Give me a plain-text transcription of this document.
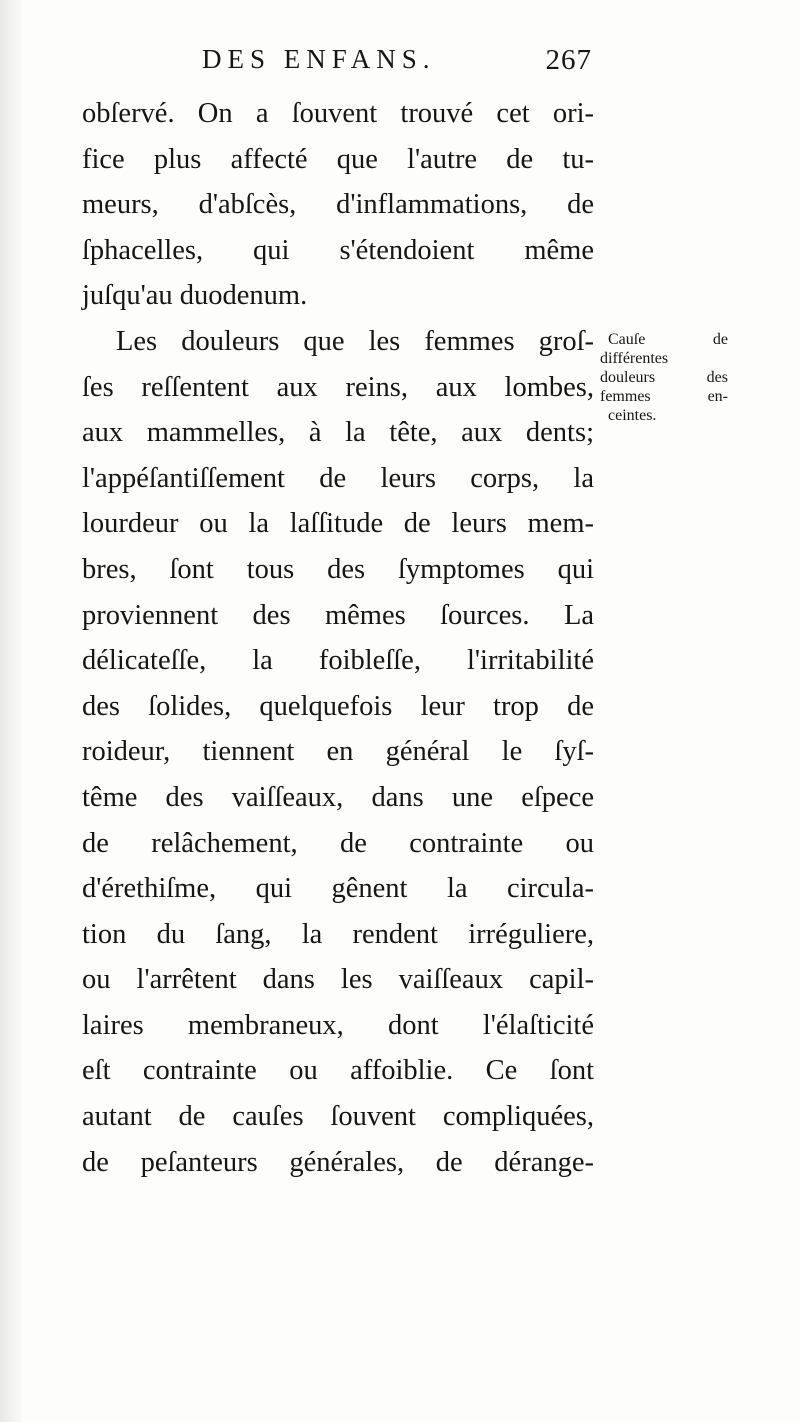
DES ENFANS.	267
obſervé. On a ſouvent trouvé cet ori-
fice plus affecté que l'autre de tu-
meurs, d'abſcès, d'inflammations, de
ſphacelles, qui s'étendoient même
juſqu'au duodenum.
Les douleurs que les femmes groſ-
ſes reſſentent aux reins, aux lombes,
aux mammelles, à la tête, aux dents;
l'appéſantiſſement de leurs corps, la
lourdeur ou la laſſitude de leurs mem-
bres, ſont tous des ſymptomes qui
proviennent des mêmes ſources. La
délicateſſe, la foibleſſe, l'irritabilité
des ſolides, quelquefois leur trop de
roideur, tiennent en général le ſyſ-
tême des vaiſſeaux, dans une eſpece
de relâchement, de contrainte ou
d'érethiſme, qui gênent la circula-
tion du ſang, la rendent irréguliere,
ou l'arrêtent dans les vaiſſeaux capil-
laires membraneux, dont l'élaſticité
eſt contrainte ou affoiblie. Ce ſont
autant de cauſes ſouvent compliquées,
de peſanteurs générales, de dérange-
Cauſe de
différentes
douleurs des
femmes en-
ceintes.
